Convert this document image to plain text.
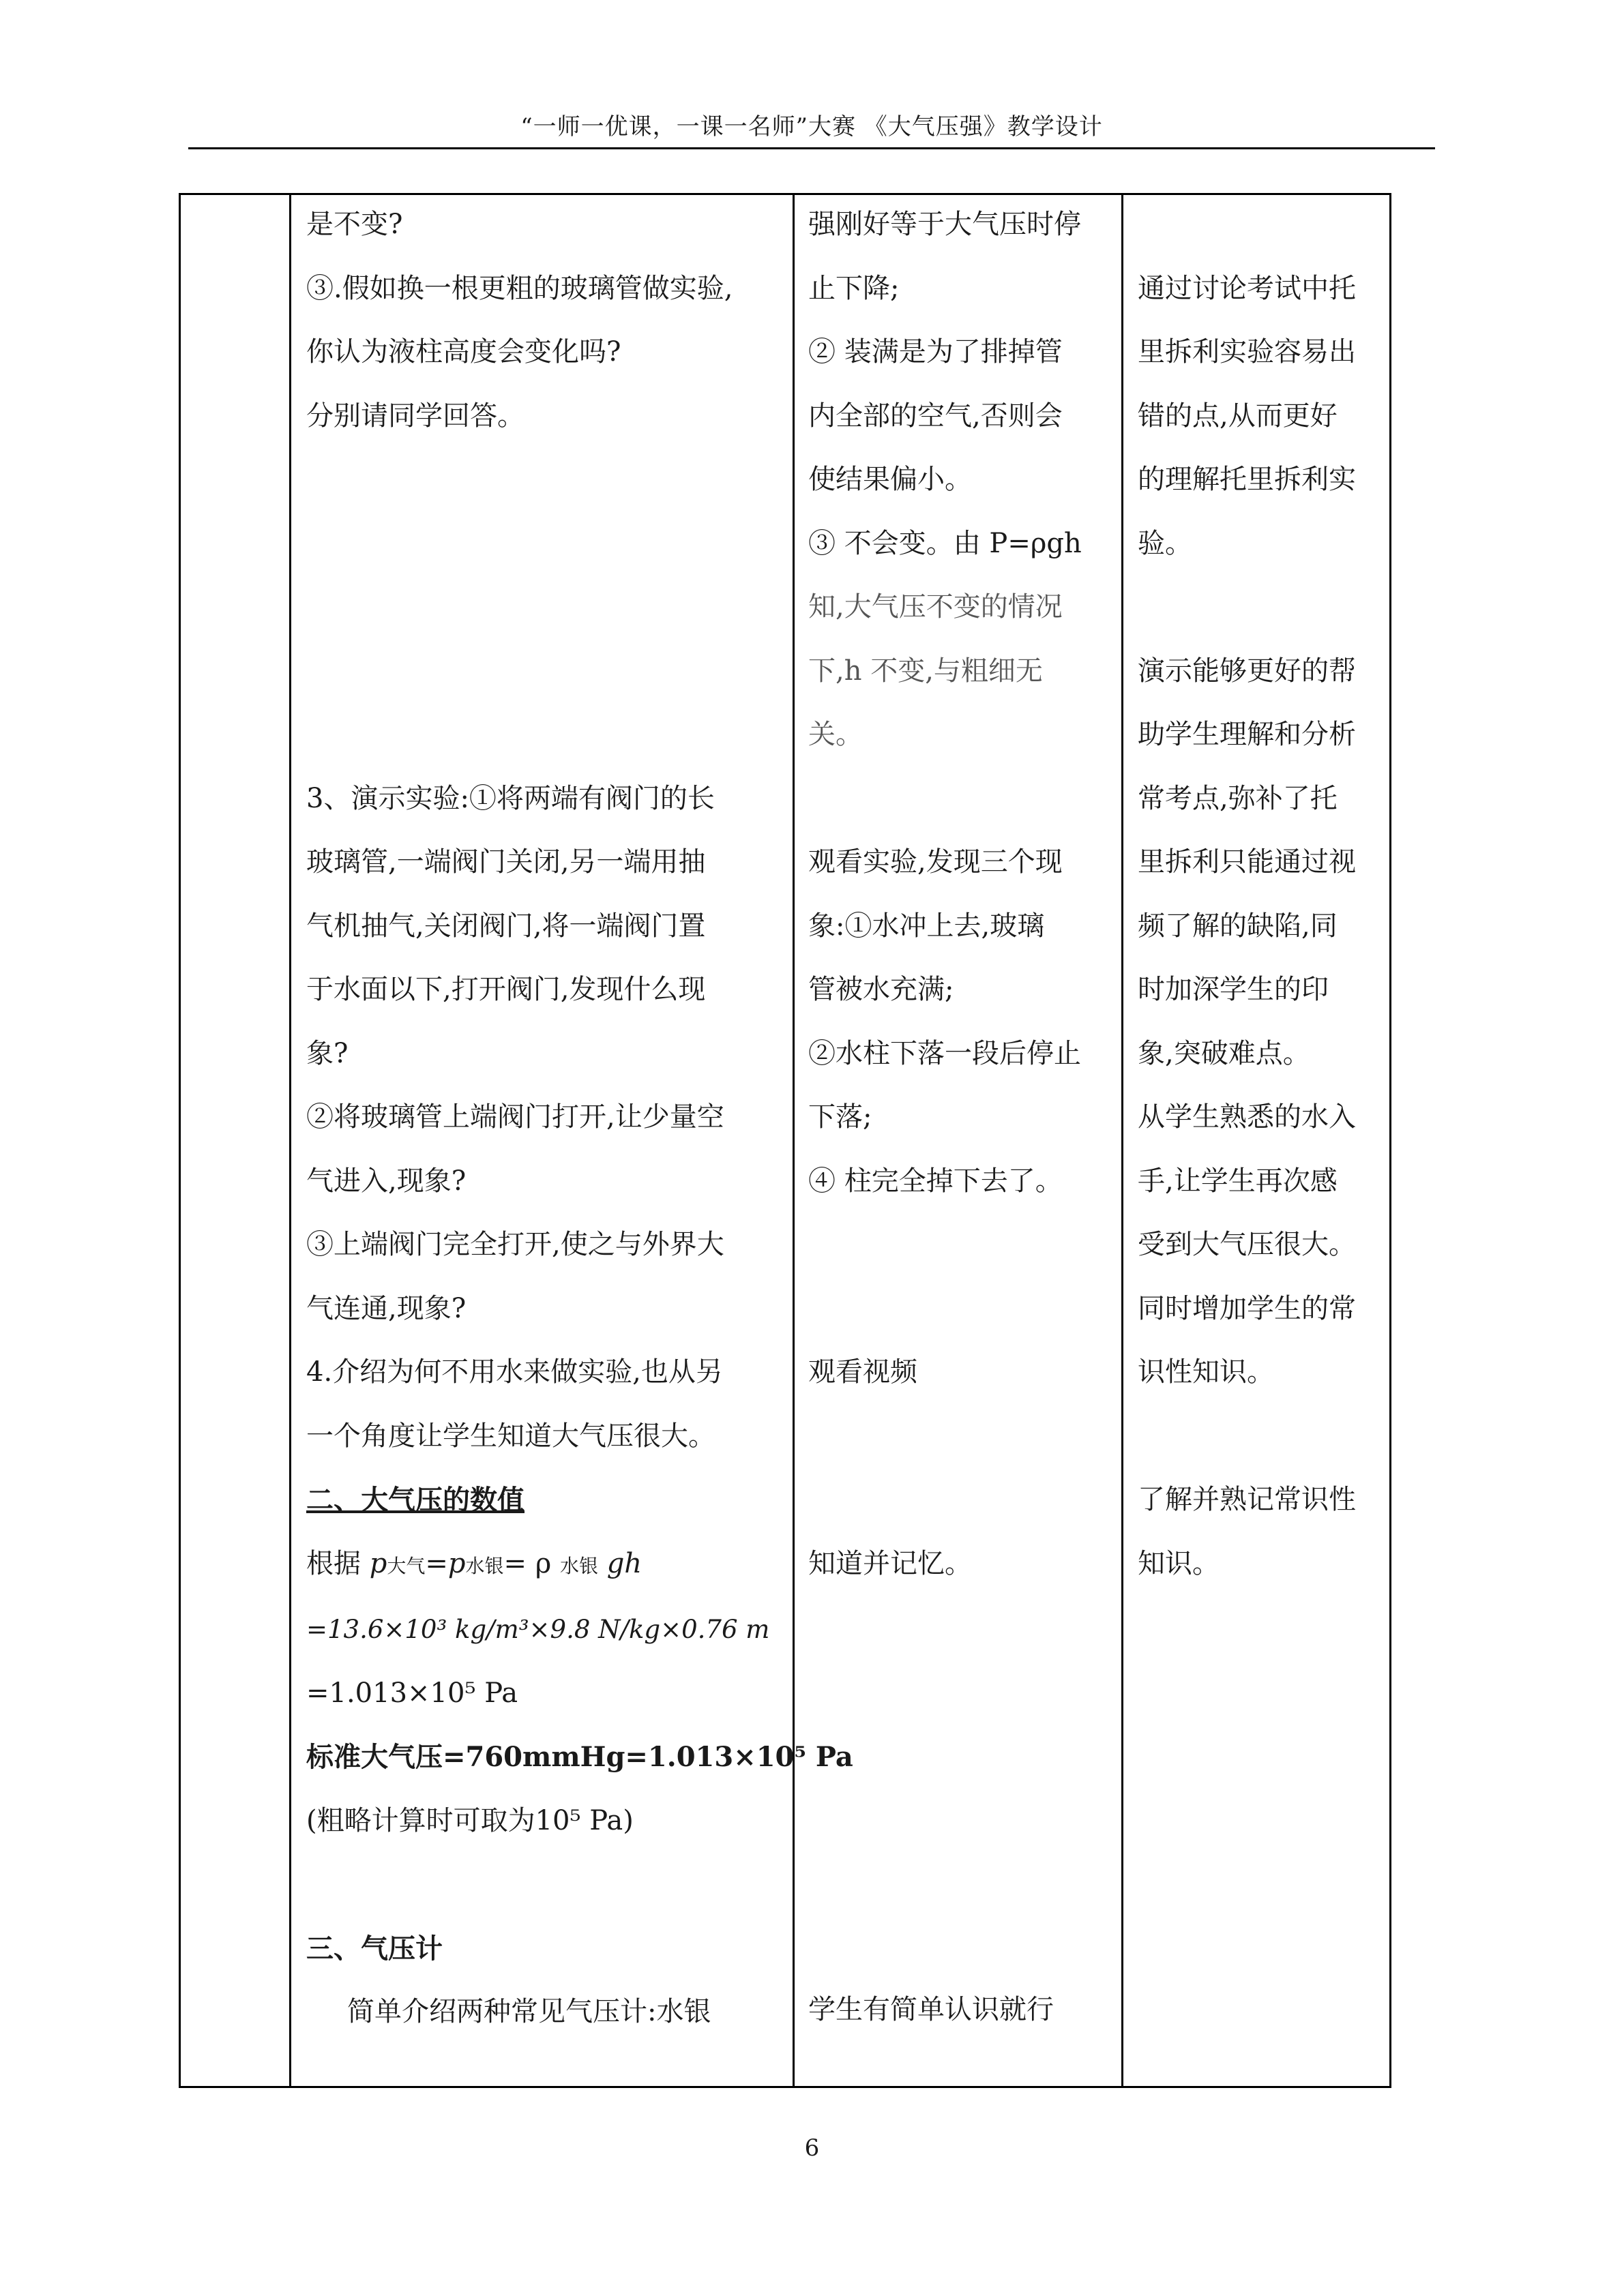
“一师一优课，一课一名师”大赛 《大气压强》教学设计

是不变?

③.假如换一根更粗的玻璃管做实验,

你认为液柱高度会变化吗?

分别请同学回答。

3、演示实验:①将两端有阀门的长

玻璃管,一端阀门关闭,另一端用抽

气机抽气,关闭阀门,将一端阀门置

于水面以下,打开阀门,发现什么现

象?

②将玻璃管上端阀门打开,让少量空

气进入,现象?

③上端阀门完全打开,使之与外界大

气连通,现象?

4.介绍为何不用水来做实验,也从另

一个角度让学生知道大气压很大。

二、大气压的数值

根据 p大气=p水银= ρ 水银 gh

=13.6×10³ kg/m³×9.8 N/kg×0.76 m

=1.013×10⁵ Pa

标准大气压=760mmHg=1.013×10⁵ Pa

(粗略计算时可取为10⁵ Pa)

三、气压计

简单介绍两种常见气压计:水银

强刚好等于大气压时停

止下降;

② 装满是为了排掉管

内全部的空气,否则会

使结果偏小。

③ 不会变。由 P=ρgh

知,大气压不变的情况

下,h 不变,与粗细无

关。

观看实验,发现三个现

象:①水冲上去,玻璃

管被水充满;

②水柱下落一段后停止

下落;

④ 柱完全掉下去了。

观看视频

知道并记忆。

学生有简单认识就行

通过讨论考试中托

里拆利实验容易出

错的点,从而更好

的理解托里拆利实

验。

演示能够更好的帮

助学生理解和分析

常考点,弥补了托

里拆利只能通过视

频了解的缺陷,同

时加深学生的印

象,突破难点。

从学生熟悉的水入

手,让学生再次感

受到大气压很大。

同时增加学生的常

识性知识。

了解并熟记常识性

知识。

6
